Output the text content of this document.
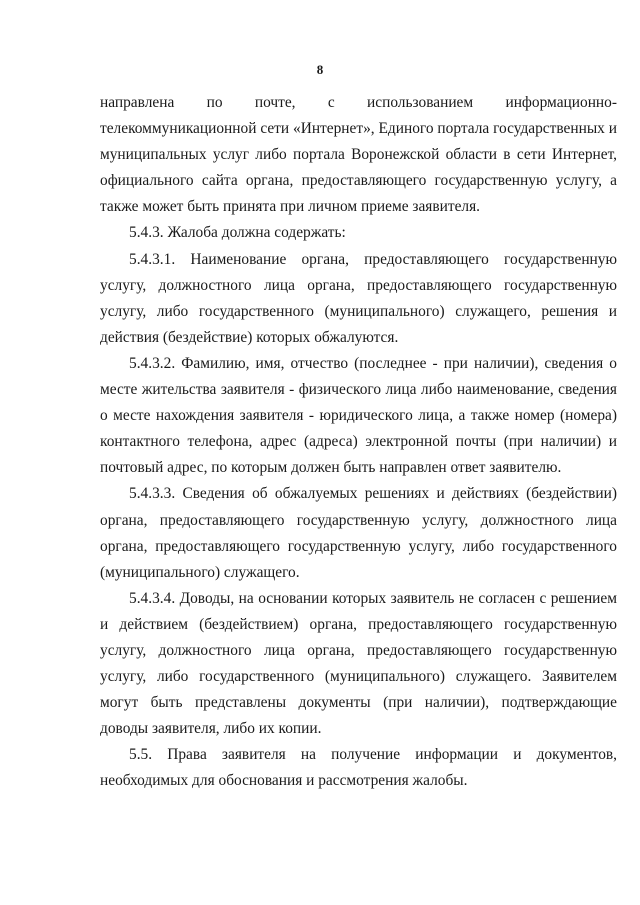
8

направлена по почте, с использованием информационно-телекоммуникационной сети «Интернет», Единого портала государственных и муниципальных услуг либо портала Воронежской области в сети Интернет, официального сайта органа, предоставляющего государственную услугу, а также может быть принята при личном приеме заявителя.

5.4.3. Жалоба должна содержать:

5.4.3.1. Наименование органа, предоставляющего государственную услугу, должностного лица органа, предоставляющего государственную услугу, либо государственного (муниципального) служащего, решения и действия (бездействие) которых обжалуются.

5.4.3.2. Фамилию, имя, отчество (последнее - при наличии), сведения о месте жительства заявителя - физического лица либо наименование, сведения о месте нахождения заявителя - юридического лица, а также номер (номера) контактного телефона, адрес (адреса) электронной почты (при наличии) и почтовый адрес, по которым должен быть направлен ответ заявителю.

5.4.3.3. Сведения об обжалуемых решениях и действиях (бездействии) органа, предоставляющего государственную услугу, должностного лица органа, предоставляющего государственную услугу, либо государственного (муниципального) служащего.

5.4.3.4. Доводы, на основании которых заявитель не согласен с решением и действием (бездействием) органа, предоставляющего государственную услугу, должностного лица органа, предоставляющего государственную услугу, либо государственного (муниципального) служащего. Заявителем могут быть представлены документы (при наличии), подтверждающие доводы заявителя, либо их копии.

5.5. Права заявителя на получение информации и документов, необходимых для обоснования и рассмотрения жалобы.
